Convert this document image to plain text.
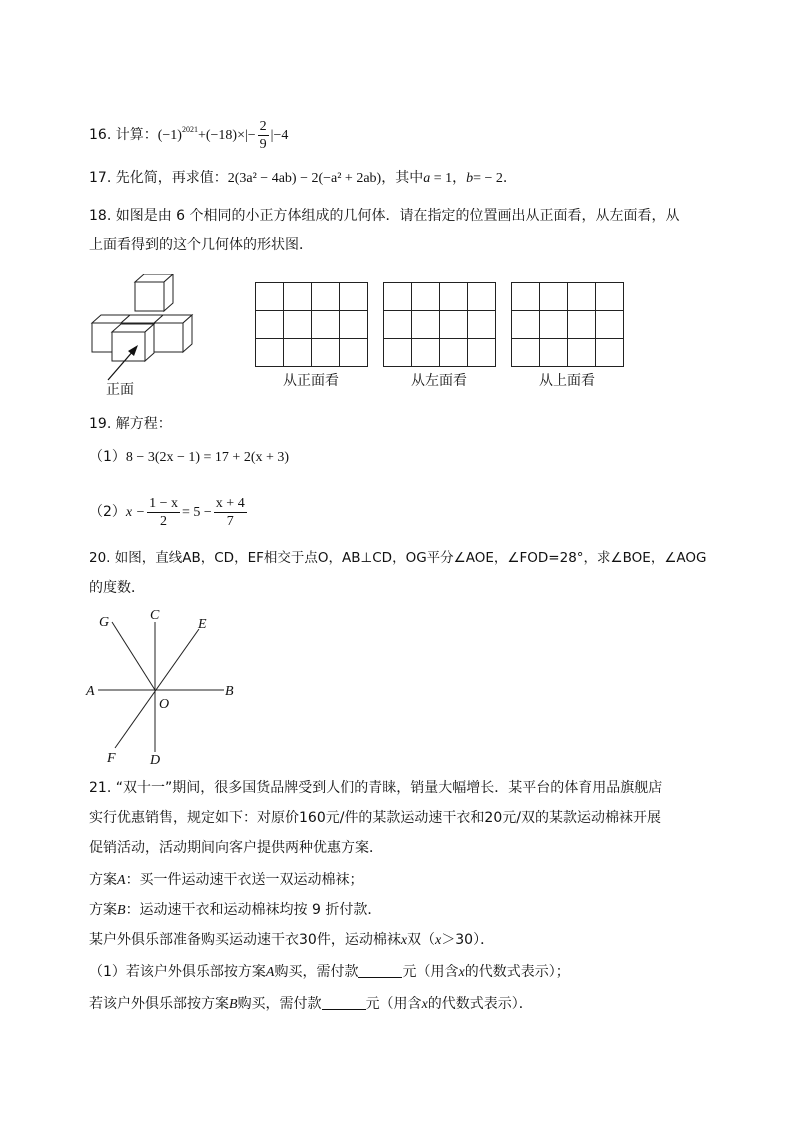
16. 计算：$(-1)^{2021}+(-18)\times|- \frac{2}{9} |-4$
17. 先化简，再求值：2(3a² − 4ab) − 2(−a² + 2ab)，其中a = 1，b= − 2.
18. 如图是由 6 个相同的小正方体组成的几何体．请在指定的位置画出从正面看，从左面看，从
上面看得到的这个几何体的形状图．
正面

从正面看	从左面看	从上面看
19. 解方程：
（1）8 − 3(2x − 1) = 17 + 2(x + 3)
$(2)x - \frac{1 - x}{2} = 5 - \frac{x + 4}{7}$
20. 如图，直线AB，CD，EF相交于点O，AB⊥CD，OG平分∠AOE，∠FOD=28°，求∠BOE，∠AOG
的度数．
A	B
C
D
E
F
G
O
21. “双十一”期间，很多国货品牌受到人们的青睐，销量大幅增长．某平台的体育用品旗舰店
实行优惠销售，规定如下：对原价160元/件的某款运动速干衣和20元/双的某款运动棉袜开展
促销活动，活动期间向客户提供两种优惠方案．
方案A：买一件运动速干衣送一双运动棉袜；
方案B：运动速干衣和运动棉袜均按 9 折付款．
某户外俱乐部准备购买运动速干衣30件，运动棉袜x双（x＞30）．
（1）若该户外俱乐部按方案A购买，需付款	元（用含x的代数式表示）；
若该户外俱乐部按方案B购买，需付款	元（用含x的代数式表示）．
